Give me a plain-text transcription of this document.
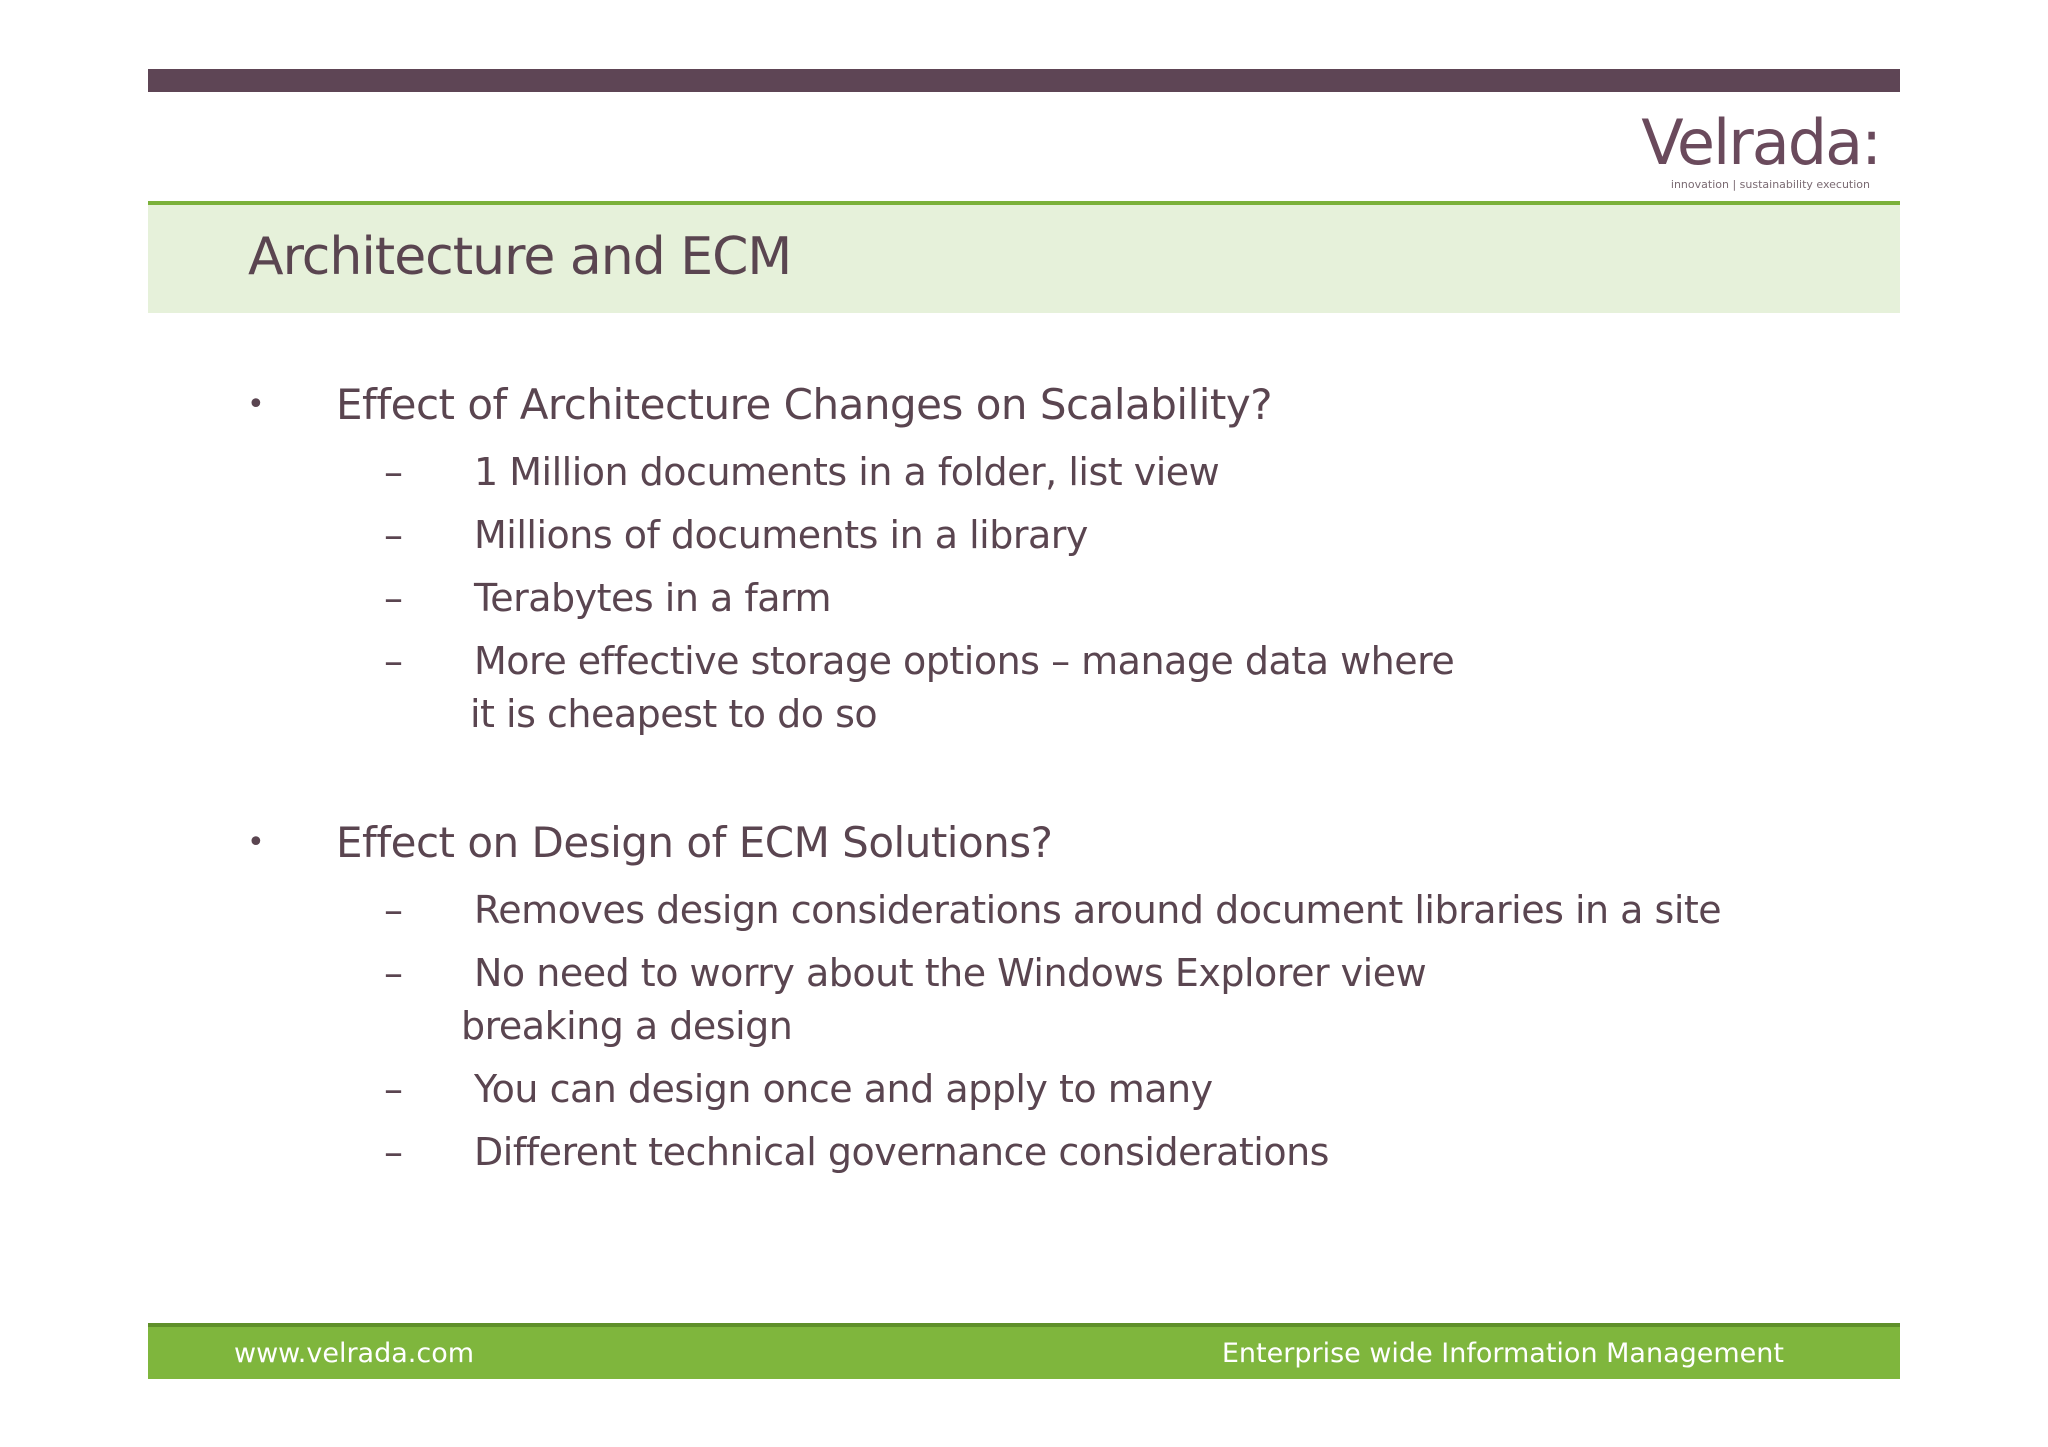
Velrada:
innovation | sustainability execution
Architecture and ECM
• Effect of Architecture Changes on Scalability?
– 1 Million documents in a folder, list view
– Millions of documents in a library
– Terabytes in a farm
– More effective storage options – manage data where
it is cheapest to do so
• Effect on Design of ECM Solutions?
– Removes design considerations around document libraries in a site
– No need to worry about the Windows Explorer view
breaking a design
– You can design once and apply to many
– Different technical governance considerations
www.velrada.com	Enterprise wide Information Management
